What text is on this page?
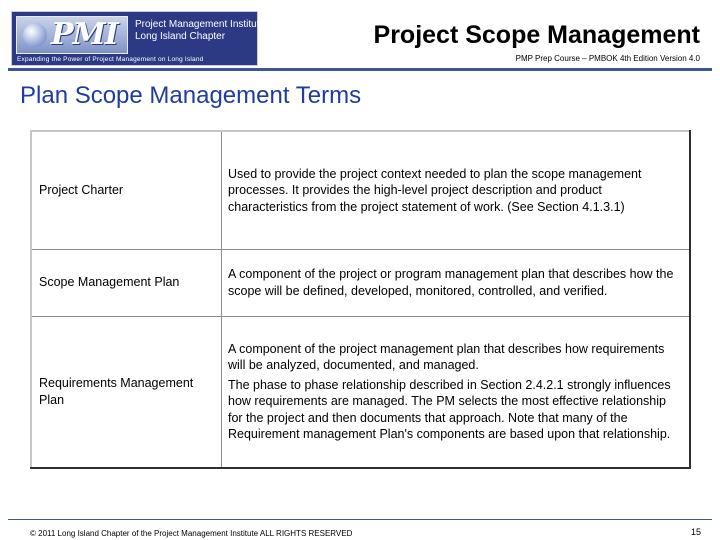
PMI Project Management Institute
Long Island Chapter
Expanding the Power of Project Management on Long Island
Project Scope Management
PMP Prep Course – PMBOK 4th Edition Version 4.0
Plan Scope Management Terms
Project Charter	Used to provide the project context needed to plan the scope management processes. It provides the high-level project description and product characteristics from the project statement of work. (See Section 4.1.3.1)

Scope Management Plan	A component of the project or program management plan that describes how the scope will be defined, developed, monitored, controlled, and verified.

Requirements Management Plan	A component of the project management plan that describes how requirements will be analyzed, documented, and managed.

The phase to phase relationship described in Section 2.4.2.1 strongly influences how requirements are managed. The PM selects the most effective relationship for the project and then documents that approach. Note that many of the Requirement management Plan's components are based upon that relationship.

© 2011 Long Island Chapter of the Project Management Institute ALL RIGHTS RESERVED	15
